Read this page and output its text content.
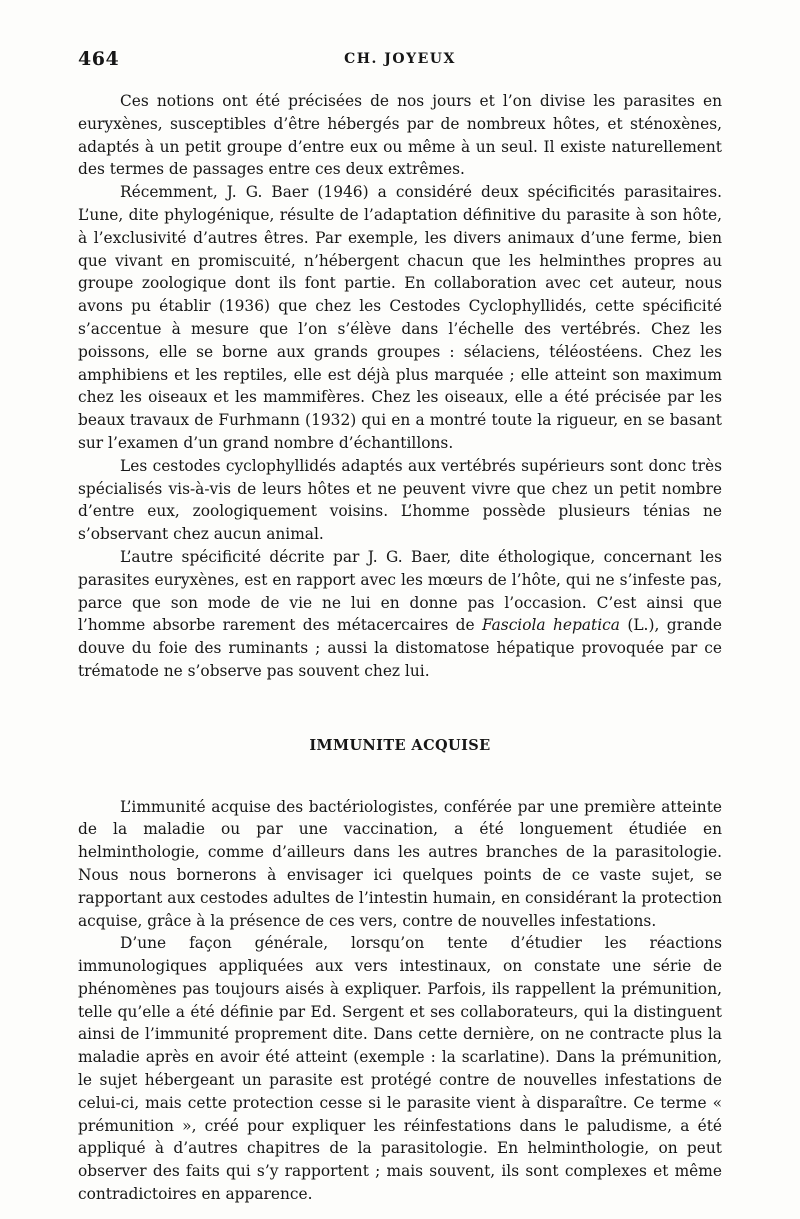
464	CH. JOYEUX

Ces notions ont été précisées de nos jours et l’on divise les parasites en euryxènes, susceptibles d’être hébergés par de nombreux hôtes, et sténoxènes, adaptés à un petit groupe d’entre eux ou même à un seul. Il existe naturellement des termes de passages entre ces deux extrêmes.

Récemment, J. G. Baer (1946) a considéré deux spécificités parasitaires. L’une, dite phylogénique, résulte de l’adaptation définitive du parasite à son hôte, à l’exclusivité d’autres êtres. Par exemple, les divers animaux d’une ferme, bien que vivant en promiscuité, n’hébergent chacun que les helminthes propres au groupe zoologique dont ils font partie. En collaboration avec cet auteur, nous avons pu établir (1936) que chez les Cestodes Cyclophyllidés, cette spécificité s’accentue à mesure que l’on s’élève dans l’échelle des vertébrés. Chez les poissons, elle se borne aux grands groupes : sélaciens, téléostéens. Chez les amphibiens et les reptiles, elle est déjà plus marquée ; elle atteint son maximum chez les oiseaux et les mammifères. Chez les oiseaux, elle a été précisée par les beaux travaux de Furhmann (1932) qui en a montré toute la rigueur, en se basant sur l’examen d’un grand nombre d’échantillons.

Les cestodes cyclophyllidés adaptés aux vertébrés supérieurs sont donc très spécialisés vis-à-vis de leurs hôtes et ne peuvent vivre que chez un petit nombre d’entre eux, zoologiquement voisins. L’homme possède plusieurs ténias ne s’observant chez aucun animal.

L’autre spécificité décrite par J. G. Baer, dite éthologique, concernant les parasites euryxènes, est en rapport avec les mœurs de l’hôte, qui ne s’infeste pas, parce que son mode de vie ne lui en donne pas l’occasion. C’est ainsi que l’homme absorbe rarement des métacercaires de Fasciola hepatica (L.), grande douve du foie des ruminants ; aussi la distomatose hépatique provoquée par ce trématode ne s’observe pas souvent chez lui.

IMMUNITE ACQUISE

L’immunité acquise des bactériologistes, conférée par une première atteinte de la maladie ou par une vaccination, a été longuement étudiée en helminthologie, comme d’ailleurs dans les autres branches de la parasitologie. Nous nous bornerons à envisager ici quelques points de ce vaste sujet, se rapportant aux cestodes adultes de l’intestin humain, en considérant la protection acquise, grâce à la présence de ces vers, contre de nouvelles infestations.

D’une façon générale, lorsqu’on tente d’étudier les réactions immunologiques appliquées aux vers intestinaux, on constate une série de phénomènes pas toujours aisés à expliquer. Parfois, ils rappellent la prémunition, telle qu’elle a été définie par Ed. Sergent et ses collaborateurs, qui la distinguent ainsi de l’immunité proprement dite. Dans cette dernière, on ne contracte plus la maladie après en avoir été atteint (exemple : la scarlatine). Dans la prémunition, le sujet hébergeant un parasite est protégé contre de nouvelles infestations de celui-ci, mais cette protection cesse si le parasite vient à disparaître. Ce terme « prémunition », créé pour expliquer les réinfestations dans le paludisme, a été appliqué à d’autres chapitres de la parasitologie. En helminthologie, on peut observer des faits qui s’y rapportent ; mais souvent, ils sont complexes et même contradictoires en apparence.
